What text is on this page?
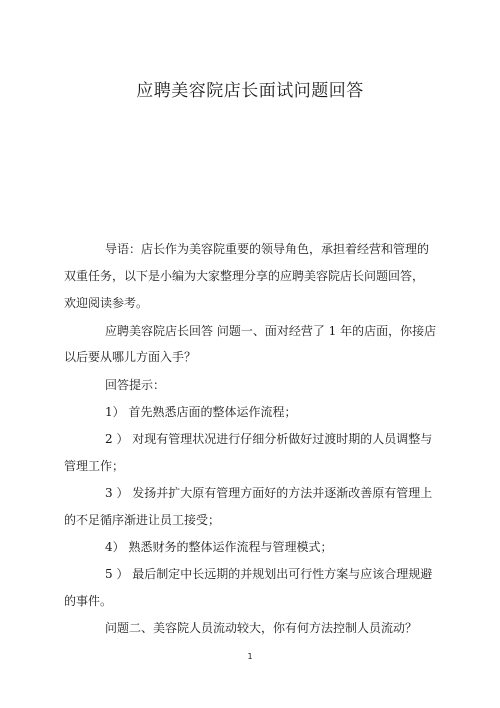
应聘美容院店长面试问题回答
导语：店长作为美容院重要的领导角色，承担着经营和管理的
双重任务，以下是小编为大家整理分享的应聘美容院店长问题回答，
欢迎阅读参考。
应聘美容院店长回答 问题一、面对经营了 1 年的店面，你接店
以后要从哪儿方面入手？
回答提示：
1） 首先熟悉店面的整体运作流程；
2 ） 对现有管理状况进行仔细分析做好过渡时期的人员调整与
管理工作；
3 ） 发扬并扩大原有管理方面好的方法并逐渐改善原有管理上
的不足循序渐进让员工接受；
4） 熟悉财务的整体运作流程与管理模式；
5 ） 最后制定中长远期的并规划出可行性方案与应该合理规避
的事件。
问题二、美容院人员流动较大，你有何方法控制人员流动？
1
